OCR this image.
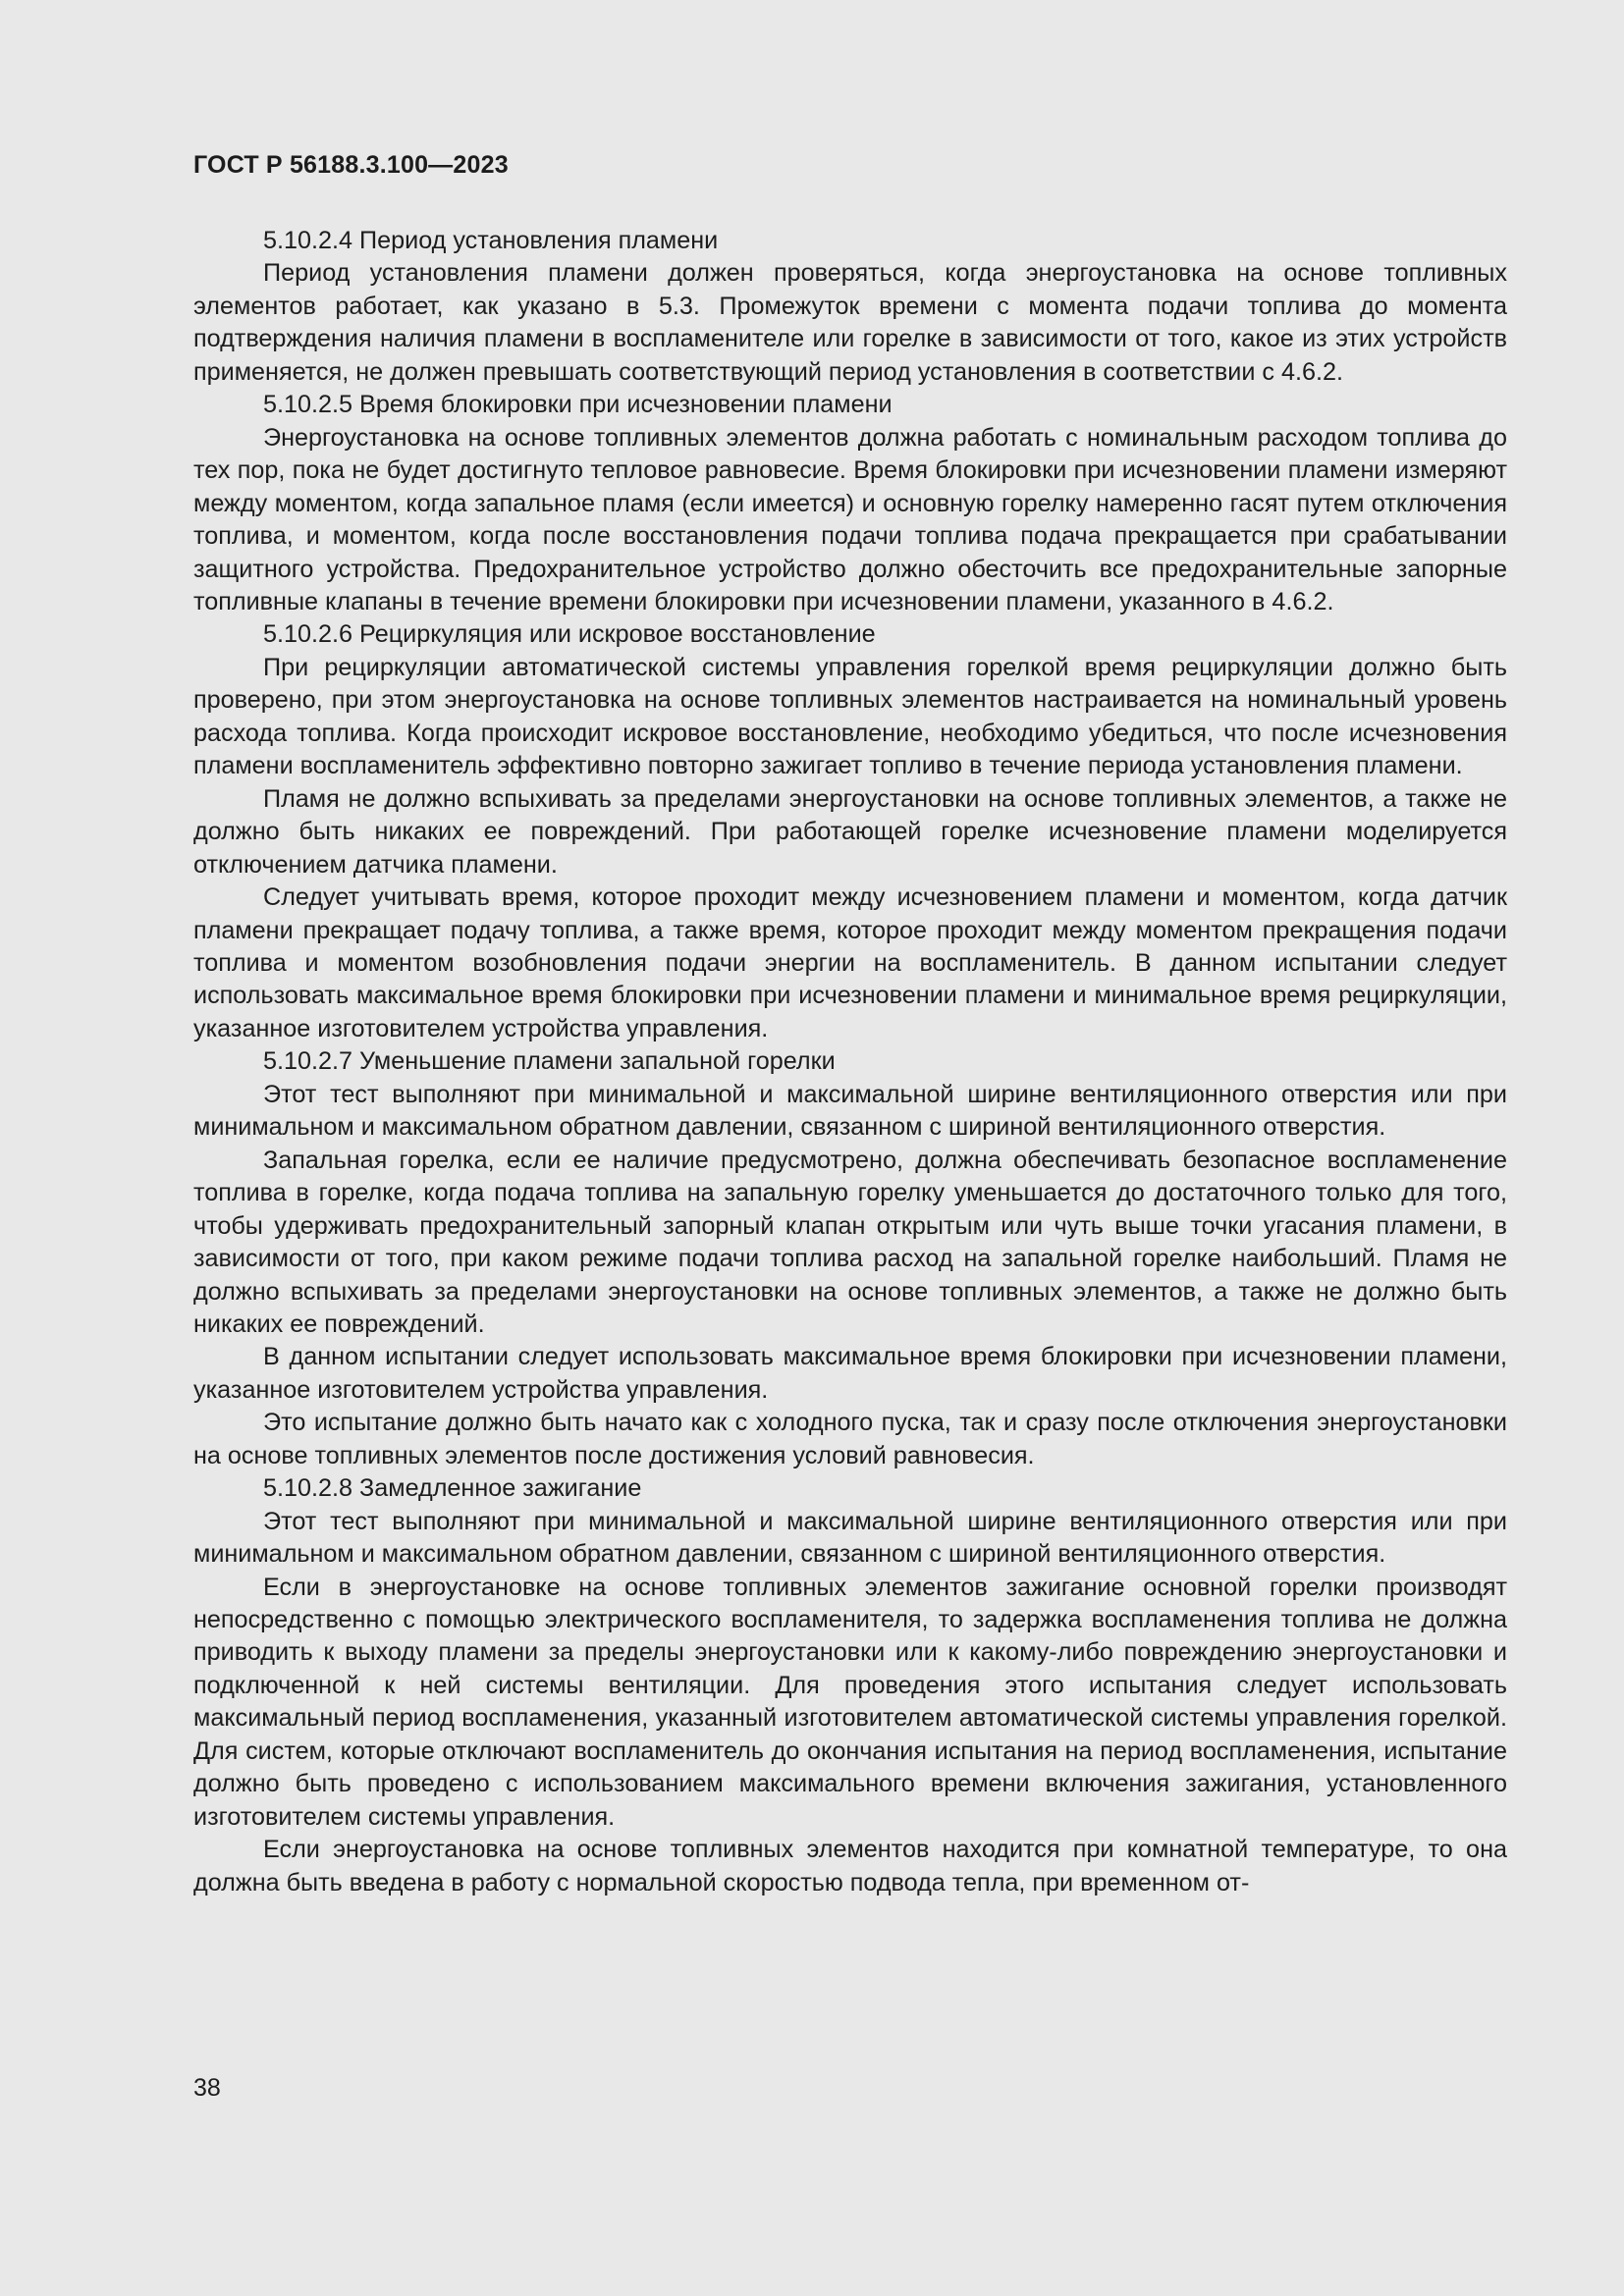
ГОСТ Р 56188.3.100—2023

5.10.2.4 Период установления пламени

Период установления пламени должен проверяться, когда энергоустановка на основе топливных элементов работает, как указано в 5.3. Промежуток времени с момента подачи топлива до момента подтверждения наличия пламени в воспламенителе или горелке в зависимости от того, какое из этих устройств применяется, не должен превышать соответствующий период установления в соответствии с 4.6.2.

5.10.2.5 Время блокировки при исчезновении пламени

Энергоустановка на основе топливных элементов должна работать с номинальным расходом топлива до тех пор, пока не будет достигнуто тепловое равновесие. Время блокировки при исчезновении пламени измеряют между моментом, когда запальное пламя (если имеется) и основную горелку намеренно гасят путем отключения топлива, и моментом, когда после восстановления подачи топлива подача прекращается при срабатывании защитного устройства. Предохранительное устройство должно обесточить все предохранительные запорные топливные клапаны в течение времени блокировки при исчезновении пламени, указанного в 4.6.2.

5.10.2.6 Рециркуляция или искровое восстановление

При рециркуляции автоматической системы управления горелкой время рециркуляции должно быть проверено, при этом энергоустановка на основе топливных элементов настраивается на номинальный уровень расхода топлива. Когда происходит искровое восстановление, необходимо убедиться, что после исчезновения пламени воспламенитель эффективно повторно зажигает топливо в течение периода установления пламени.

Пламя не должно вспыхивать за пределами энергоустановки на основе топливных элементов, а также не должно быть никаких ее повреждений. При работающей горелке исчезновение пламени моделируется отключением датчика пламени.

Следует учитывать время, которое проходит между исчезновением пламени и моментом, когда датчик пламени прекращает подачу топлива, а также время, которое проходит между моментом прекращения подачи топлива и моментом возобновления подачи энергии на воспламенитель. В данном испытании следует использовать максимальное время блокировки при исчезновении пламени и минимальное время рециркуляции, указанное изготовителем устройства управления.

5.10.2.7 Уменьшение пламени запальной горелки

Этот тест выполняют при минимальной и максимальной ширине вентиляционного отверстия или при минимальном и максимальном обратном давлении, связанном с шириной вентиляционного отверстия.

Запальная горелка, если ее наличие предусмотрено, должна обеспечивать безопасное воспламенение топлива в горелке, когда подача топлива на запальную горелку уменьшается до достаточного только для того, чтобы удерживать предохранительный запорный клапан открытым или чуть выше точки угасания пламени, в зависимости от того, при каком режиме подачи топлива расход на запальной горелке наибольший. Пламя не должно вспыхивать за пределами энергоустановки на основе топливных элементов, а также не должно быть никаких ее повреждений.

В данном испытании следует использовать максимальное время блокировки при исчезновении пламени, указанное изготовителем устройства управления.

Это испытание должно быть начато как с холодного пуска, так и сразу после отключения энергоустановки на основе топливных элементов после достижения условий равновесия.

5.10.2.8 Замедленное зажигание

Этот тест выполняют при минимальной и максимальной ширине вентиляционного отверстия или при минимальном и максимальном обратном давлении, связанном с шириной вентиляционного отверстия.

Если в энергоустановке на основе топливных элементов зажигание основной горелки производят непосредственно с помощью электрического воспламенителя, то задержка воспламенения топлива не должна приводить к выходу пламени за пределы энергоустановки или к какому-либо повреждению энергоустановки и подключенной к ней системы вентиляции. Для проведения этого испытания следует использовать максимальный период воспламенения, указанный изготовителем автоматической системы управления горелкой. Для систем, которые отключают воспламенитель до окончания испытания на период воспламенения, испытание должно быть проведено с использованием максимального времени включения зажигания, установленного изготовителем системы управления.

Если энергоустановка на основе топливных элементов находится при комнатной температуре, то она должна быть введена в работу с нормальной скоростью подвода тепла, при временном от-

38
